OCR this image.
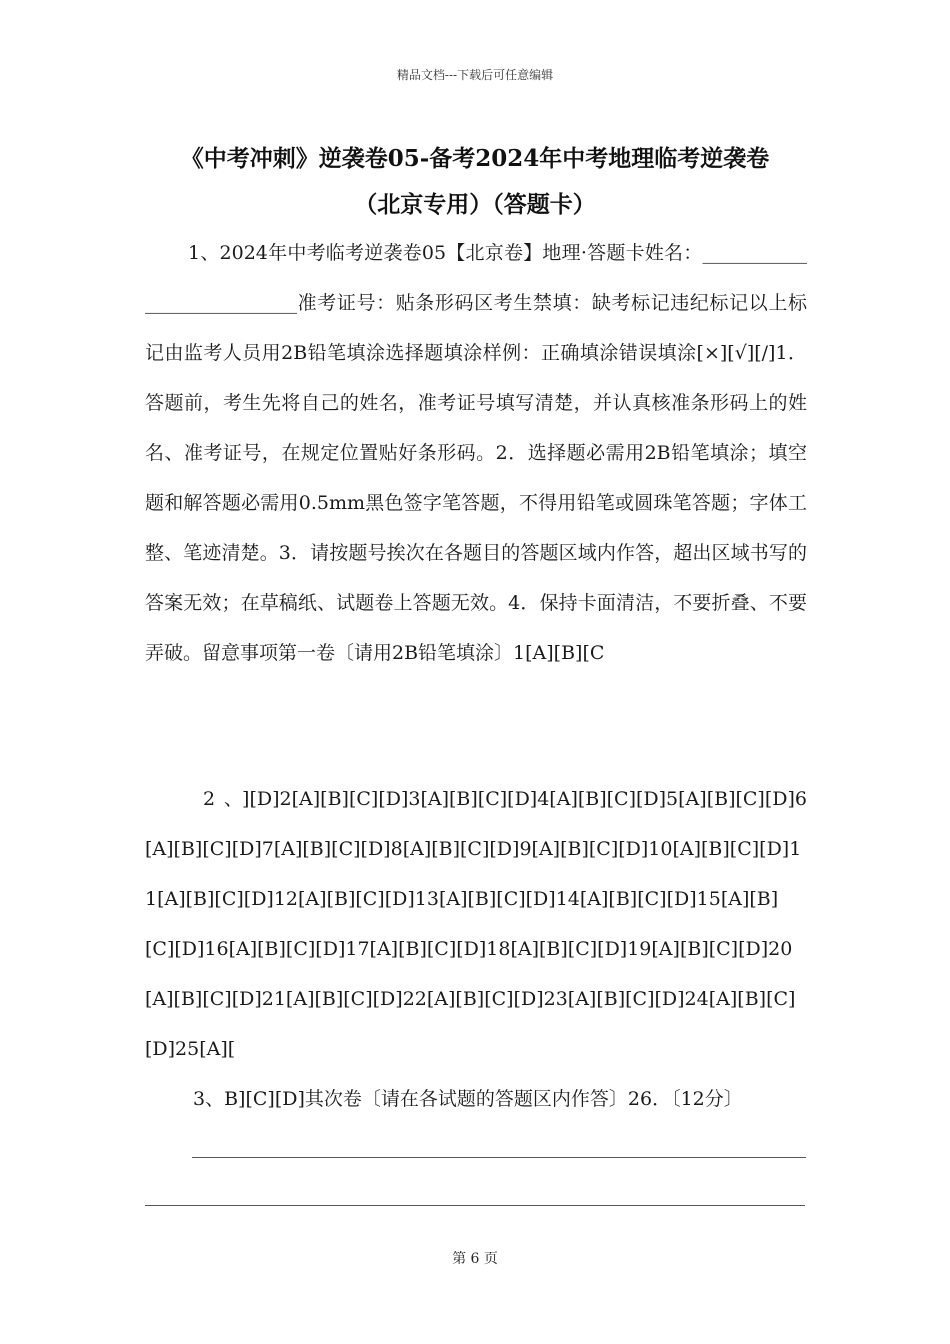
精品文档---下载后可任意编辑
《中考冲刺》逆袭卷05-备考2024年中考地理临考逆袭卷
（北京专用）（答题卡）
1、2024年中考临考逆袭卷05【北京卷】地理·答题卡姓名：___________________________准考证号：贴条形码区考生禁填：缺考标记违纪标记以上标记由监考人员用2B铅笔填涂选择题填涂样例：正确填涂错误填涂[×][√][/]1．答题前，考生先将自己的姓名，准考证号填写清楚，并认真核准条形码上的姓名、准考证号，在规定位置贴好条形码。2．选择题必需用2B铅笔填涂；填空题和解答题必需用0.5mm黑色签字笔答题，不得用铅笔或圆珠笔答题；字体工整、笔迹清楚。3．请按题号挨次在各题目的答题区域内作答，超出区域书写的答案无效；在草稿纸、试题卷上答题无效。4．保持卡面清洁，不要折叠、不要弄破。留意事项第一卷〔请用2B铅笔填涂〕1[A][B][C
2、][D]2[A][B][C][D]3[A][B][C][D]4[A][B][C][D]5[A][B][C][D]6[A][B][C][D]7[A][B][C][D]8[A][B][C][D]9[A][B][C][D]10[A][B][C][D]11[A][B][C][D]12[A][B][C][D]13[A][B][C][D]14[A][B][C][D]15[A][B][C][D]16[A][B][C][D]17[A][B][C][D]18[A][B][C][D]19[A][B][C][D]20[A][B][C][D]21[A][B][C][D]22[A][B][C][D]23[A][B][C][D]24[A][B][C][D]25[A][
3、B][C][D]其次卷〔请在各试题的答题区内作答〕26．〔12分〕
第 6 页
